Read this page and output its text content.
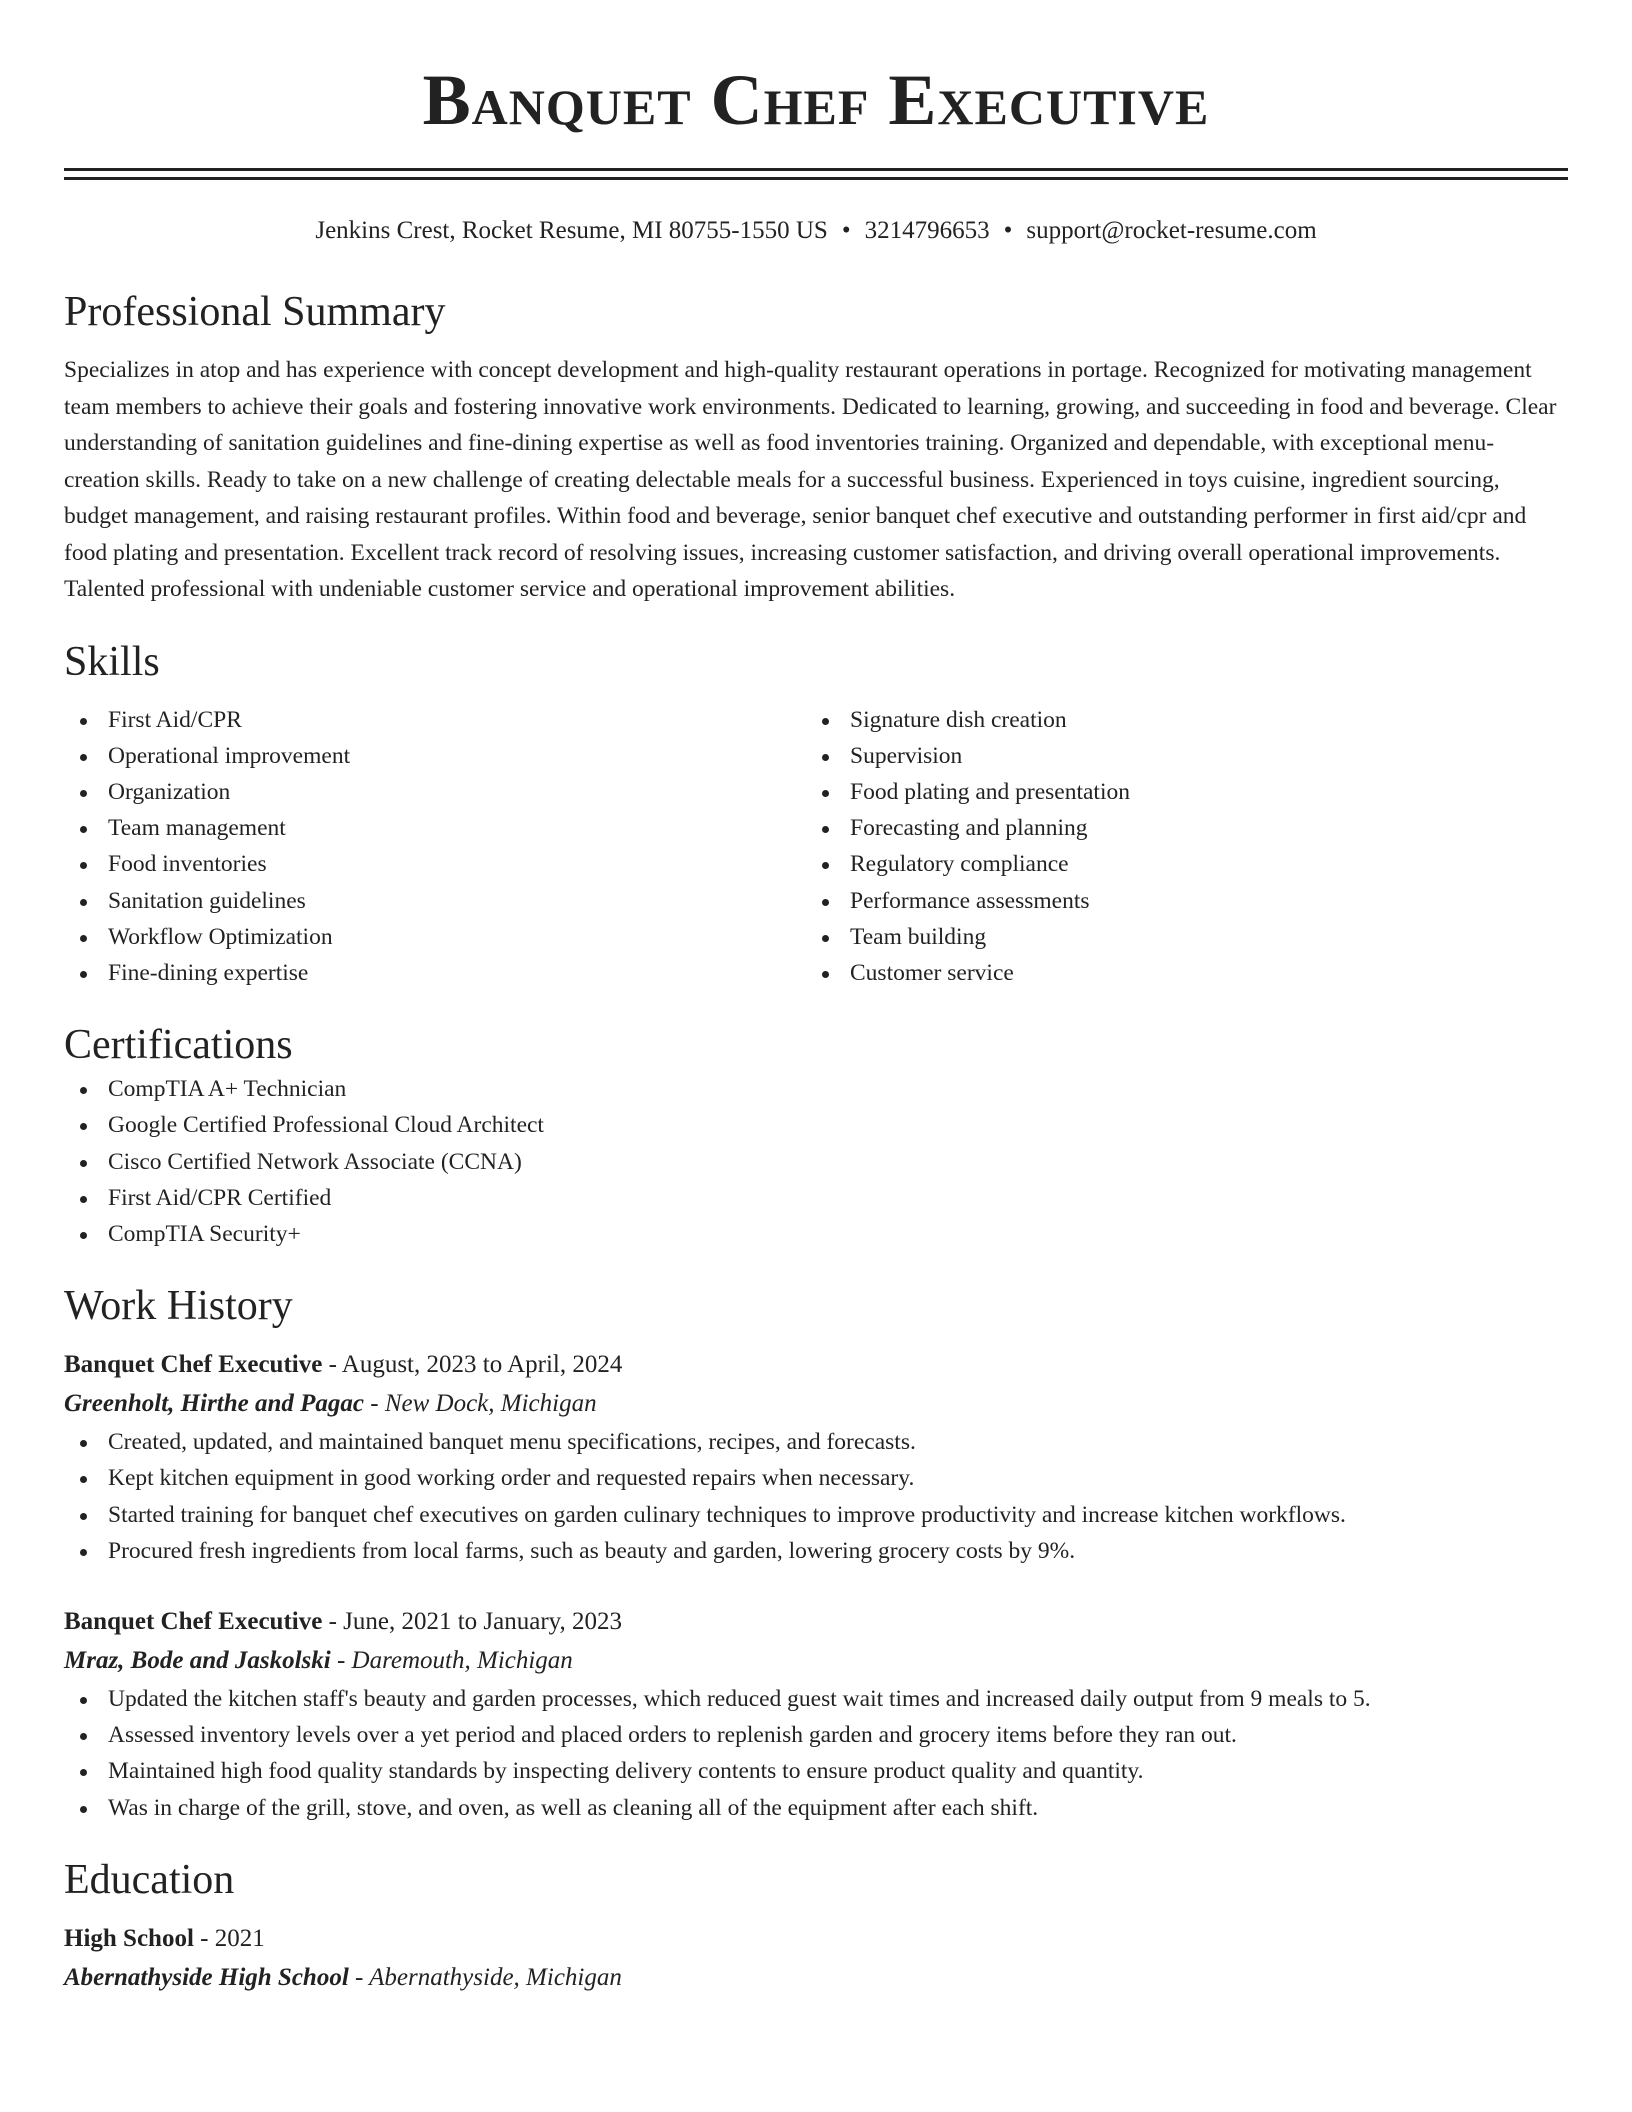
Banquet Chef Executive
Jenkins Crest, Rocket Resume, MI 80755-1550 US • 3214796653 • support@rocket-resume.com
Professional Summary

Specializes in atop and has experience with concept development and high-quality restaurant operations in portage. Recognized for motivating management team members to achieve their goals and fostering innovative work environments. Dedicated to learning, growing, and succeeding in food and beverage. Clear understanding of sanitation guidelines and fine-dining expertise as well as food inventories training. Organized and dependable, with exceptional menu-creation skills. Ready to take on a new challenge of creating delectable meals for a successful business. Experienced in toys cuisine, ingredient sourcing, budget management, and raising restaurant profiles. Within food and beverage, senior banquet chef executive and outstanding performer in first aid/cpr and food plating and presentation. Excellent track record of resolving issues, increasing customer satisfaction, and driving overall operational improvements. Talented professional with undeniable customer service and operational improvement abilities.

Skills
First Aid/CPR
Operational improvement
Organization
Team management
Food inventories
Sanitation guidelines
Workflow Optimization
Fine-dining expertise
Signature dish creation
Supervision
Food plating and presentation
Forecasting and planning
Regulatory compliance
Performance assessments
Team building
Customer service
Certifications
CompTIA A+ Technician
Google Certified Professional Cloud Architect
Cisco Certified Network Associate (CCNA)
First Aid/CPR Certified
CompTIA Security+
Work History
Banquet Chef Executive - August, 2023 to April, 2024
Greenholt, Hirthe and Pagac - New Dock, Michigan
Created, updated, and maintained banquet menu specifications, recipes, and forecasts.
Kept kitchen equipment in good working order and requested repairs when necessary.
Started training for banquet chef executives on garden culinary techniques to improve productivity and increase kitchen workflows.
Procured fresh ingredients from local farms, such as beauty and garden, lowering grocery costs by 9%.
Banquet Chef Executive - June, 2021 to January, 2023
Mraz, Bode and Jaskolski - Daremouth, Michigan
Updated the kitchen staff's beauty and garden processes, which reduced guest wait times and increased daily output from 9 meals to 5.
Assessed inventory levels over a yet period and placed orders to replenish garden and grocery items before they ran out.
Maintained high food quality standards by inspecting delivery contents to ensure product quality and quantity.
Was in charge of the grill, stove, and oven, as well as cleaning all of the equipment after each shift.
Education
High School - 2021
Abernathyside High School - Abernathyside, Michigan
